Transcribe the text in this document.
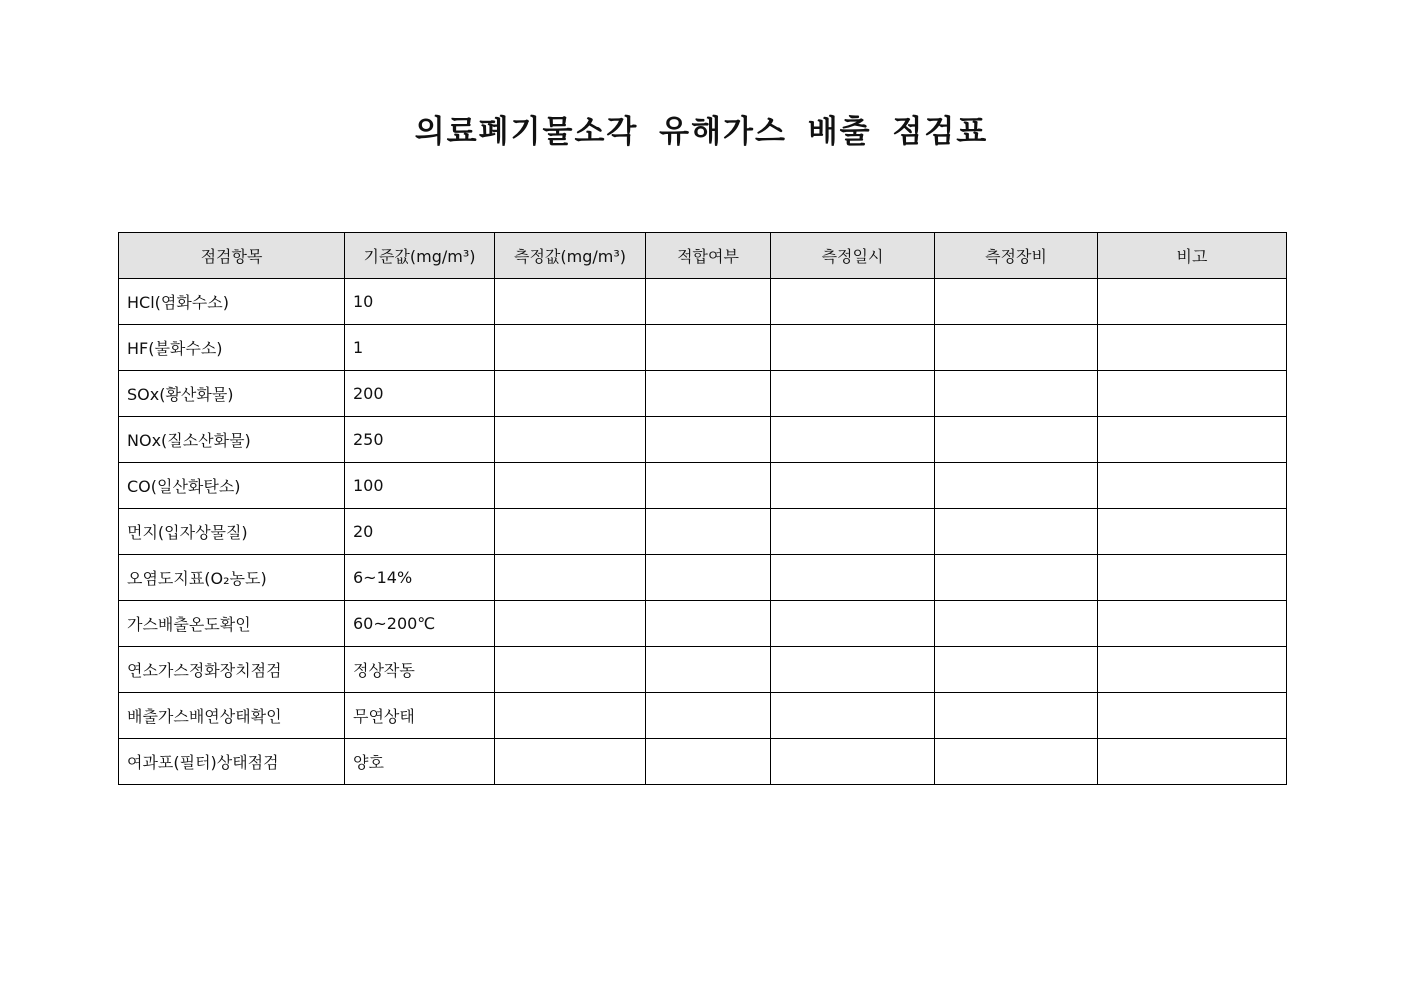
의료폐기물소각 유해가스 배출 점검표
점검항목	기준값(mg/m³)	측정값(mg/m³)	적합여부	측정일시	측정장비	비고
HCl(염화수소)	10					
HF(불화수소)	1					
SOx(황산화물)	200					
NOx(질소산화물)	250					
CO(일산화탄소)	100					
먼지(입자상물질)	20					
오염도지표(O₂농도)	6~14%					
가스배출온도확인	60~200℃					
연소가스정화장치점검	정상작동					
배출가스배연상태확인	무연상태					
여과포(필터)상태점검	양호					
